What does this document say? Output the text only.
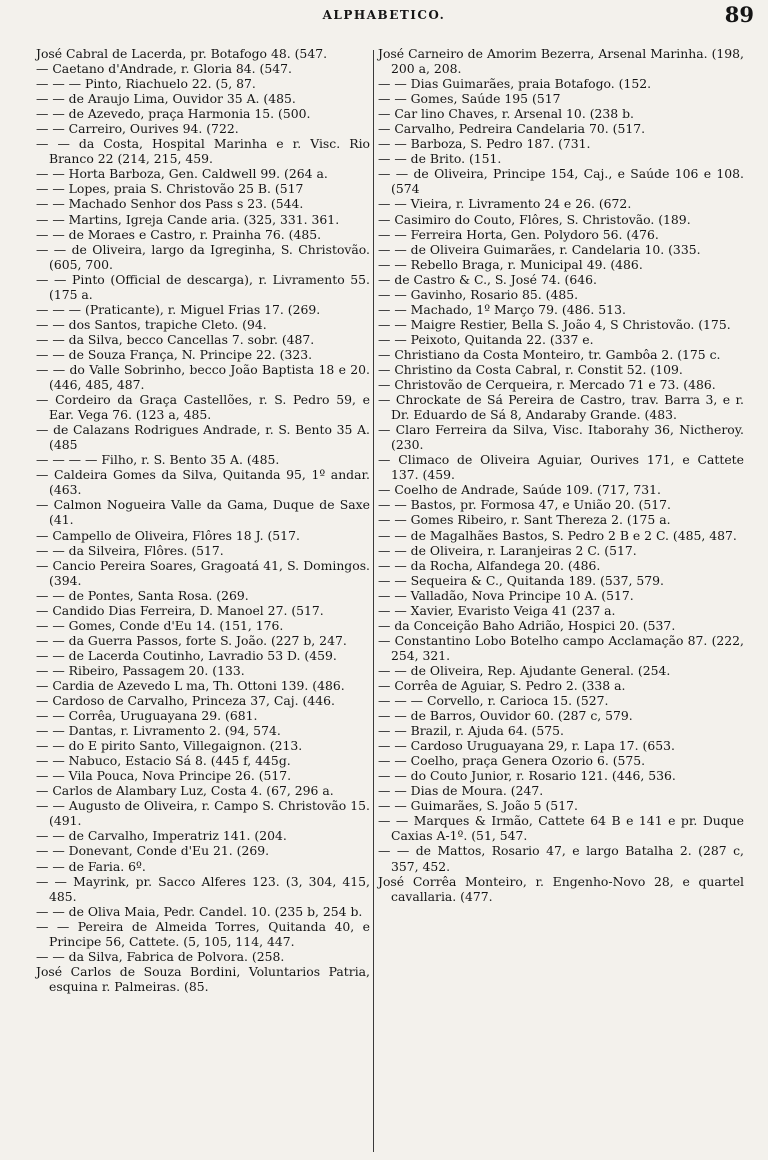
ALPHABETICO.	89
José Cabral de Lacerda, pr. Botafogo 48. (547.
— Caetano d'Andrade, r. Gloria 84. (547.
— — — Pinto, Riachuelo 22. (5, 87.
— — de Araujo Lima, Ouvidor 35 A. (485.
— — de Azevedo, praça Harmonia 15. (500.
— — Carreiro, Ourives 94. (722.
— — da Costa, Hospital Marinha e r. Visc. Rio Branco 22 (214, 215, 459.
— — Horta Barboza, Gen. Caldwell 99. (264 a.
— — Lopes, praia S. Christovão 25 B. (517
— — Machado Senhor dos Pass s 23. (544.
— — Martins, Igreja Cande aria. (325, 331. 361.
— — de Moraes e Castro, r. Prainha 76. (485.
— — de Oliveira, largo da Igreginha, S. Christovão. (605, 700.
— — Pinto (Official de descarga), r. Livramento 55. (175 a.
— — — (Praticante), r. Miguel Frias 17. (269.
— — dos Santos, trapiche Cleto. (94.
— — da Silva, becco Cancellas 7. sobr. (487.
— — de Souza França, N. Principe 22. (323.
— — do Valle Sobrinho, becco João Baptista 18 e 20. (446, 485, 487.
— Cordeiro da Graça Castellões, r. S. Pedro 59, e Ear. Vega 76. (123 a, 485.
— de Calazans Rodrigues Andrade, r. S. Bento 35 A. (485
— — — — Filho, r. S. Bento 35 A. (485.
— Caldeira Gomes da Silva, Quitanda 95, 1º andar. (463.
— Calmon Nogueira Valle da Gama, Duque de Saxe (41.
— Campello de Oliveira, Flôres 18 J. (517.
— — da Silveira, Flôres. (517.
— Cancio Pereira Soares, Gragoatá 41, S. Domingos. (394.
— — de Pontes, Santa Rosa. (269.
— Candido Dias Ferreira, D. Manoel 27. (517.
— — Gomes, Conde d'Eu 14. (151, 176.
— — da Guerra Passos, forte S. João. (227 b, 247.
— — de Lacerda Coutinho, Lavradio 53 D. (459.
— — Ribeiro, Passagem 20. (133.
— Cardia de Azevedo L ma, Th. Ottoni 139. (486.
— Cardoso de Carvalho, Princeza 37, Caj. (446.
— — Corrêa, Uruguayana 29. (681.
— — Dantas, r. Livramento 2. (94, 574.
— — do E pirito Santo, Villegaignon. (213.
— — Nabuco, Estacio Sá 8. (445 f, 445g.
— — Vila Pouca, Nova Principe 26. (517.
— Carlos de Alambary Luz, Costa 4. (67, 296 a.
— — Augusto de Oliveira, r. Campo S. Christovão 15. (491.
— — de Carvalho, Imperatriz 141. (204.
— — Donevant, Conde d'Eu 21. (269.
— — de Faria. 6º.
— — Mayrink, pr. Sacco Alferes 123. (3, 304, 415, 485.
— — de Oliva Maia, Pedr. Candel. 10. (235 b, 254 b.
— — Pereira de Almeida Torres, Quitanda 40, e Principe 56, Cattete. (5, 105, 114, 447.
— — da Silva, Fabrica de Polvora. (258.
José Carlos de Souza Bordini, Voluntarios Patria, esquina r. Palmeiras. (85.
José Carneiro de Amorim Bezerra, Arsenal Marinha. (198, 200 a, 208.
— — Dias Guimarães, praia Botafogo. (152.
— — Gomes, Saúde 195 (517
— Car lino Chaves, r. Arsenal 10. (238 b.
— Carvalho, Pedreira Candelaria 70. (517.
— — Barboza, S. Pedro 187. (731.
— — de Brito. (151.
— — de Oliveira, Principe 154, Caj., e Saúde 106 e 108. (574
— — Vieira, r. Livramento 24 e 26. (672.
— Casimiro do Couto, Flôres, S. Christovão. (189.
— — Ferreira Horta, Gen. Polydoro 56. (476.
— — de Oliveira Guimarães, r. Candelaria 10. (335.
— — Rebello Braga, r. Municipal 49. (486.
— de Castro & C., S. José 74. (646.
— — Gavinho, Rosario 85. (485.
— — Machado, 1º Março 79. (486. 513.
— — Maigre Restier, Bella S. João 4, S Christovão. (175.
— — Peixoto, Quitanda 22. (337 e.
— Christiano da Costa Monteiro, tr. Gambôa 2. (175 c.
— Christino da Costa Cabral, r. Constit 52. (109.
— Christovão de Cerqueira, r. Mercado 71 e 73. (486.
— Chrockate de Sá Pereira de Castro, trav. Barra 3, e r. Dr. Eduardo de Sá 8, Andaraby Grande. (483.
— Claro Ferreira da Silva, Visc. Itaborahy 36, Nictheroy. (230.
— Climaco de Oliveira Aguiar, Ourives 171, e Cattete 137. (459.
— Coelho de Andrade, Saúde 109. (717, 731.
— — Bastos, pr. Formosa 47, e União 20. (517.
— — Gomes Ribeiro, r. Sant Thereza 2. (175 a.
— — de Magalhães Bastos, S. Pedro 2 B e 2 C. (485, 487.
— — de Oliveira, r. Laranjeiras 2 C. (517.
— — da Rocha, Alfandega 20. (486.
— — Sequeira & C., Quitanda 189. (537, 579.
— — Valladão, Nova Principe 10 A. (517.
— — Xavier, Evaristo Veiga 41 (237 a.
— da Conceição Baho Adrião, Hospici 20. (537.
— Constantino Lobo Botelho campo Acclamação 87. (222, 254, 321.
— — de Oliveira, Rep. Ajudante General. (254.
— Corrêa de Aguiar, S. Pedro 2. (338 a.
— — — Corvello, r. Carioca 15. (527.
— — de Barros, Ouvidor 60. (287 c, 579.
— — Brazil, r. Ajuda 64. (575.
— — Cardoso Uruguayana 29, r. Lapa 17. (653.
— — Coelho, praça Genera Ozorio 6. (575.
— — do Couto Junior, r. Rosario 121. (446, 536.
— — Dias de Moura. (247.
— — Guimarães, S. João 5 (517.
— — Marques & Irmão, Cattete 64 B e 141 e pr. Duque Caxias A-1º. (51, 547.
— — de Mattos, Rosario 47, e largo Batalha 2. (287 c, 357, 452.
José Corrêa Monteiro, r. Engenho-Novo 28, e quartel cavallaria. (477.
